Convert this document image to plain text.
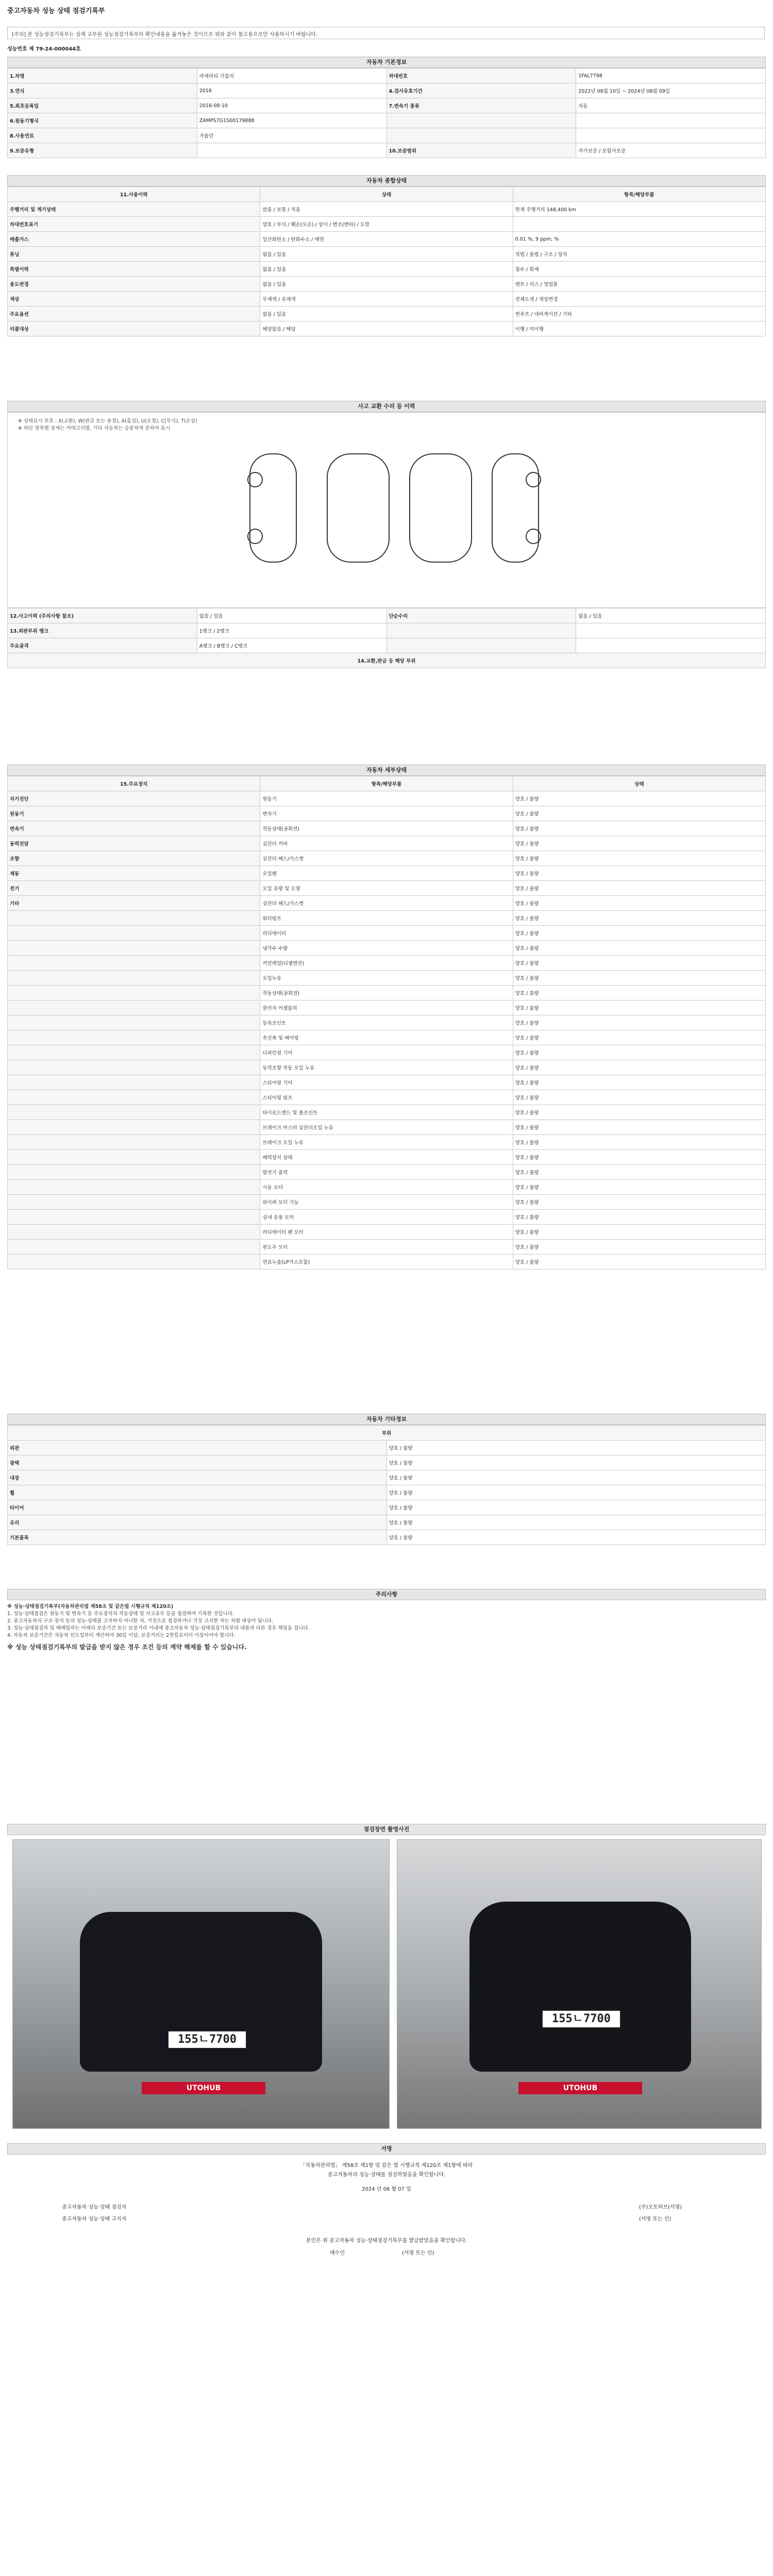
중고자동차 성능 상태 점검기록부
[주의] 본 성능점검기록부는 실제 교부된 성능점검기록부의 확인내용을 옮겨놓은 것이므로 위와 같이 참고용으로만 사용하시기 바랍니다.
성능번호 제 79-24-000044호
자동차 기본정보
1.차명	마세라티 기블리	차대번호	1FAL7798
3.연식	2016	4.검사유효기간	2022년 08월 10일 ~ 2024년 08월 09일
5.최초등록일	2016-08-10	7.변속기 종류	자동
6.원동기형식	ZAMPS7G1S00179888		
8.사용연료	가솔린		
9.보증유형		10.보증범위	자가보증 / 보험사보증
자동차 종합상태
11.사용이력	상태	항목/해당부품
주행거리 및 계기상태	많음 / 보통 / 적음	현재 주행거리 148,400 km
차대번호표기	양호 / 부식 / 훼손(오손) / 상이 / 변조(변타) / 도말	
배출가스	일산화탄소 / 탄화수소 / 매연	0.01 %, 9 ppm, %
튜닝	없음 / 있음	적법 / 불법 / 구조 / 장치
특별이력	없음 / 있음	침수 / 화재
용도변경	없음 / 있음	렌트 / 리스 / 영업용
색상	무채색 / 유채색	전체도색 / 색상변경
주요옵션	없음 / 있음	썬루프 / 네비게이션 / 기타
리콜대상	해당없음 / 해당	이행 / 미이행
사고 교환 수리 등 이력
※ 상태표시 부호 : X(교환), W(판금 또는 용접), A(흠집), U(요철), C(부식), T(손상)
※ 하단 항목별 상세는 카테고리별, 기타 자동차는 승용차에 준하여 표시
12.사고이력 (주의사항 참조)	없음 / 있음	단순수리	없음 / 있음
13.외판부위 랭크	1랭크 / 2랭크		
주요골격	A랭크 / B랭크 / C랭크		
14.교환,판금 등 해당 부위			
자동차 세부상태
15.주요장치	항목/해당부품	상태
자기진단	원동기	양호 / 불량
원동기	변속기	양호 / 불량
변속기	작동상태(공회전)	양호 / 불량
동력전달	실린더 커버	양호 / 불량
조향	실린더 헤드/가스켓	양호 / 불량
제동	오일팬	양호 / 불량
전기	오일 유량 및 오염	양호 / 불량
기타	실린더 헤드/가스켓	양호 / 불량
	워터펌프	양호 / 불량
	라디에이터	양호 / 불량
	냉각수 수량	양호 / 불량
	커먼레일(디젤엔진)	양호 / 불량
	오일누유	양호 / 불량
	작동상태(공회전)	양호 / 불량
	클러치 어셈블리	양호 / 불량
	등속조인트	양호 / 불량
	추진축 및 베어링	양호 / 불량
	디퍼런셜 기어	양호 / 불량
	동력조향 작동 오일 누유	양호 / 불량
	스티어링 기어	양호 / 불량
	스티어링 펌프	양호 / 불량
	타이로드엔드 및 볼조인트	양호 / 불량
	브레이크 마스터 실린더오일 누유	양호 / 불량
	브레이크 오일 누유	양호 / 불량
	배력장치 상태	양호 / 불량
	발전기 출력	양호 / 불량
	시동 모터	양호 / 불량
	와이퍼 모터 기능	양호 / 불량
	실내 송풍 모터	양호 / 불량
	라디에이터 팬 모터	양호 / 불량
	윈도우 모터	양호 / 불량
	연료누출(LP가스포함)	양호 / 불량
자동차 기타정보
부위	
외관	양호 / 불량
광택	양호 / 불량
내장	양호 / 불량
휠	양호 / 불량
타이어	양호 / 불량
유리	양호 / 불량
기본품목	양호 / 불량
주의사항
※ 성능·상태점검기록부(자동차관리법 제58조 및 같은법 시행규칙 제120조)
1. 성능·상태점검은 원동기 및 변속기 등 주요장치의 작동상태 및 사고유무 등을 점검하여 기록한 것입니다.
2. 중고자동차의 구조·장치 등의 성능·상태를 고지하지 아니한 자, 거짓으로 점검하거나 거짓 고지한 자는 처벌 대상이 됩니다.
3. 성능·상태점검자 및 매매업자는 아래의 보증기간 또는 보증거리 이내에 중고자동차 성능·상태점검기록부의 내용과 다른 경우 책임을 집니다.
4. 자동차 보증기간은 자동차 인도일부터 계산하여 30일 이상, 보증거리는 2천킬로미터 이상이어야 합니다.
※ 성능 상태점검기록부의 발급을 받지 않은 경우 조건 등의 계약 해제를 할 수 있습니다.
점검장면 촬영사진
155ㄴ7700
UTOHUB
155ㄴ7700
UTOHUB
서명
「자동차관리법」 제58조 제1항 및 같은 법 시행규칙 제120조 제1항에 따라
중고자동차의 성능·상태를 점검하였음을 확인합니다.
2024 년 06 월 07 일
중고자동차 성능·상태 점검자	(주)오토허브(서명)
중고자동차 성능·상태 고지자	(서명 또는 인)
본인은 위 중고자동차 성능·상태점검기록부를 발급받았음을 확인합니다.
매수인	(서명 또는 인)
